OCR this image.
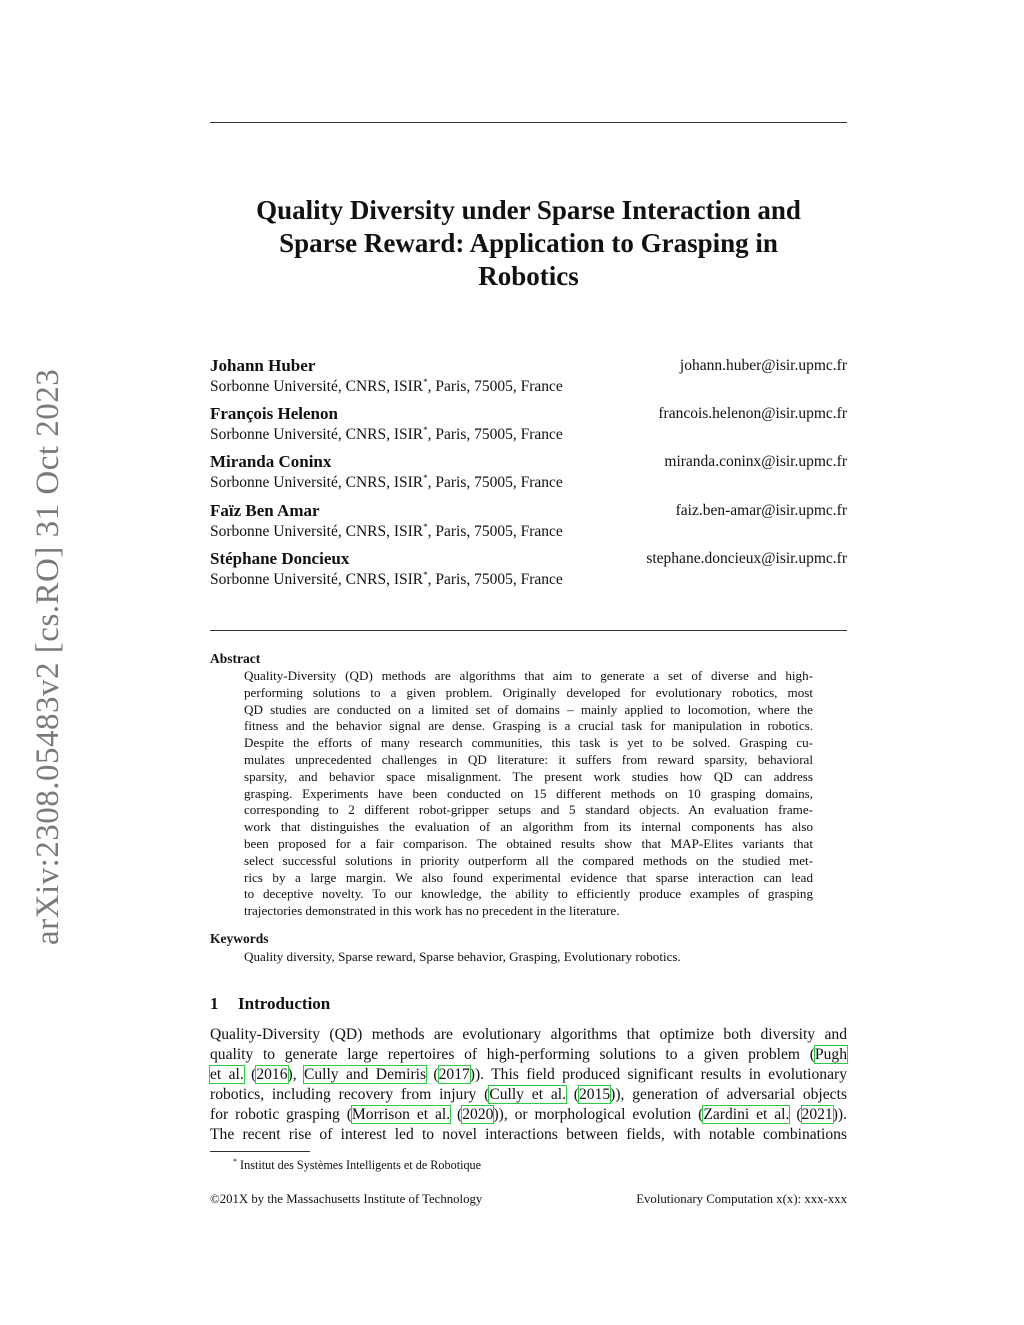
arXiv:2308.05483v2 [cs.RO] 31 Oct 2023
Quality Diversity under Sparse Interaction and
Sparse Reward: Application to Grasping in
Robotics
Johann Huber
Sorbonne Université, CNRS, ISIR*, Paris, 75005, France
johann.huber@isir.upmc.fr
François Helenon
Sorbonne Université, CNRS, ISIR*, Paris, 75005, France
francois.helenon@isir.upmc.fr
Miranda Coninx
Sorbonne Université, CNRS, ISIR*, Paris, 75005, France
miranda.coninx@isir.upmc.fr
Faïz Ben Amar
Sorbonne Université, CNRS, ISIR*, Paris, 75005, France
faiz.ben-amar@isir.upmc.fr
Stéphane Doncieux
Sorbonne Université, CNRS, ISIR*, Paris, 75005, France
stephane.doncieux@isir.upmc.fr
Abstract
Quality-Diversity (QD) methods are algorithms that aim to generate a set of diverse and high-
performing solutions to a given problem. Originally developed for evolutionary robotics, most
QD studies are conducted on a limited set of domains – mainly applied to locomotion, where the
fitness and the behavior signal are dense. Grasping is a crucial task for manipulation in robotics.
Despite the efforts of many research communities, this task is yet to be solved. Grasping cu-
mulates unprecedented challenges in QD literature: it suffers from reward sparsity, behavioral
sparsity, and behavior space misalignment. The present work studies how QD can address
grasping. Experiments have been conducted on 15 different methods on 10 grasping domains,
corresponding to 2 different robot-gripper setups and 5 standard objects. An evaluation frame-
work that distinguishes the evaluation of an algorithm from its internal components has also
been proposed for a fair comparison. The obtained results show that MAP-Elites variants that
select successful solutions in priority outperform all the compared methods on the studied met-
rics by a large margin. We also found experimental evidence that sparse interaction can lead
to deceptive novelty. To our knowledge, the ability to efficiently produce examples of grasping
trajectories demonstrated in this work has no precedent in the literature.
Keywords
Quality diversity, Sparse reward, Sparse behavior, Grasping, Evolutionary robotics.
1 Introduction
Quality-Diversity (QD) methods are evolutionary algorithms that optimize both diversity and
quality to generate large repertoires of high-performing solutions to a given problem (Pugh
et al. (2016), Cully and Demiris (2017)). This field produced significant results in evolutionary
robotics, including recovery from injury (Cully et al. (2015)), generation of adversarial objects
for robotic grasping (Morrison et al. (2020)), or morphological evolution (Zardini et al. (2021)).
The recent rise of interest led to novel interactions between fields, with notable combinations
* Institut des Systèmes Intelligents et de Robotique
©201X by the Massachusetts Institute of Technology	Evolutionary Computation x(x): xxx-xxx
